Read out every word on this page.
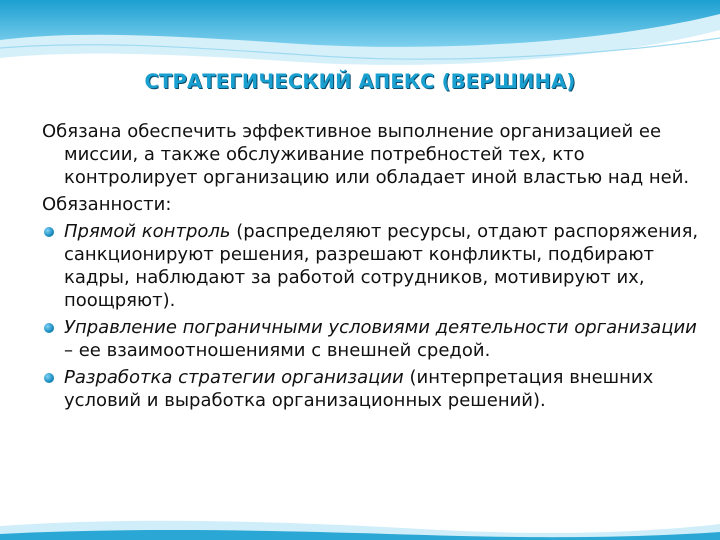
СТРАТЕГИЧЕСКИЙ АПЕКС (ВЕРШИНА)

Обязана обеспечить эффективное выполнение организацией ее миссии, а также обслуживание потребностей тех, кто контролирует организацию или обладает иной властью над ней.

Обязанности:

Прямой контроль (распределяют ресурсы, отдают распоряжения, санкционируют решения, разрешают конфликты, подбирают кадры, наблюдают за работой сотрудников, мотивируют их, поощряют).
Управление пограничными условиями деятельности организации – ее взаимоотношениями с внешней средой.
Разработка стратегии организации (интерпретация внешних условий и выработка организационных решений).
